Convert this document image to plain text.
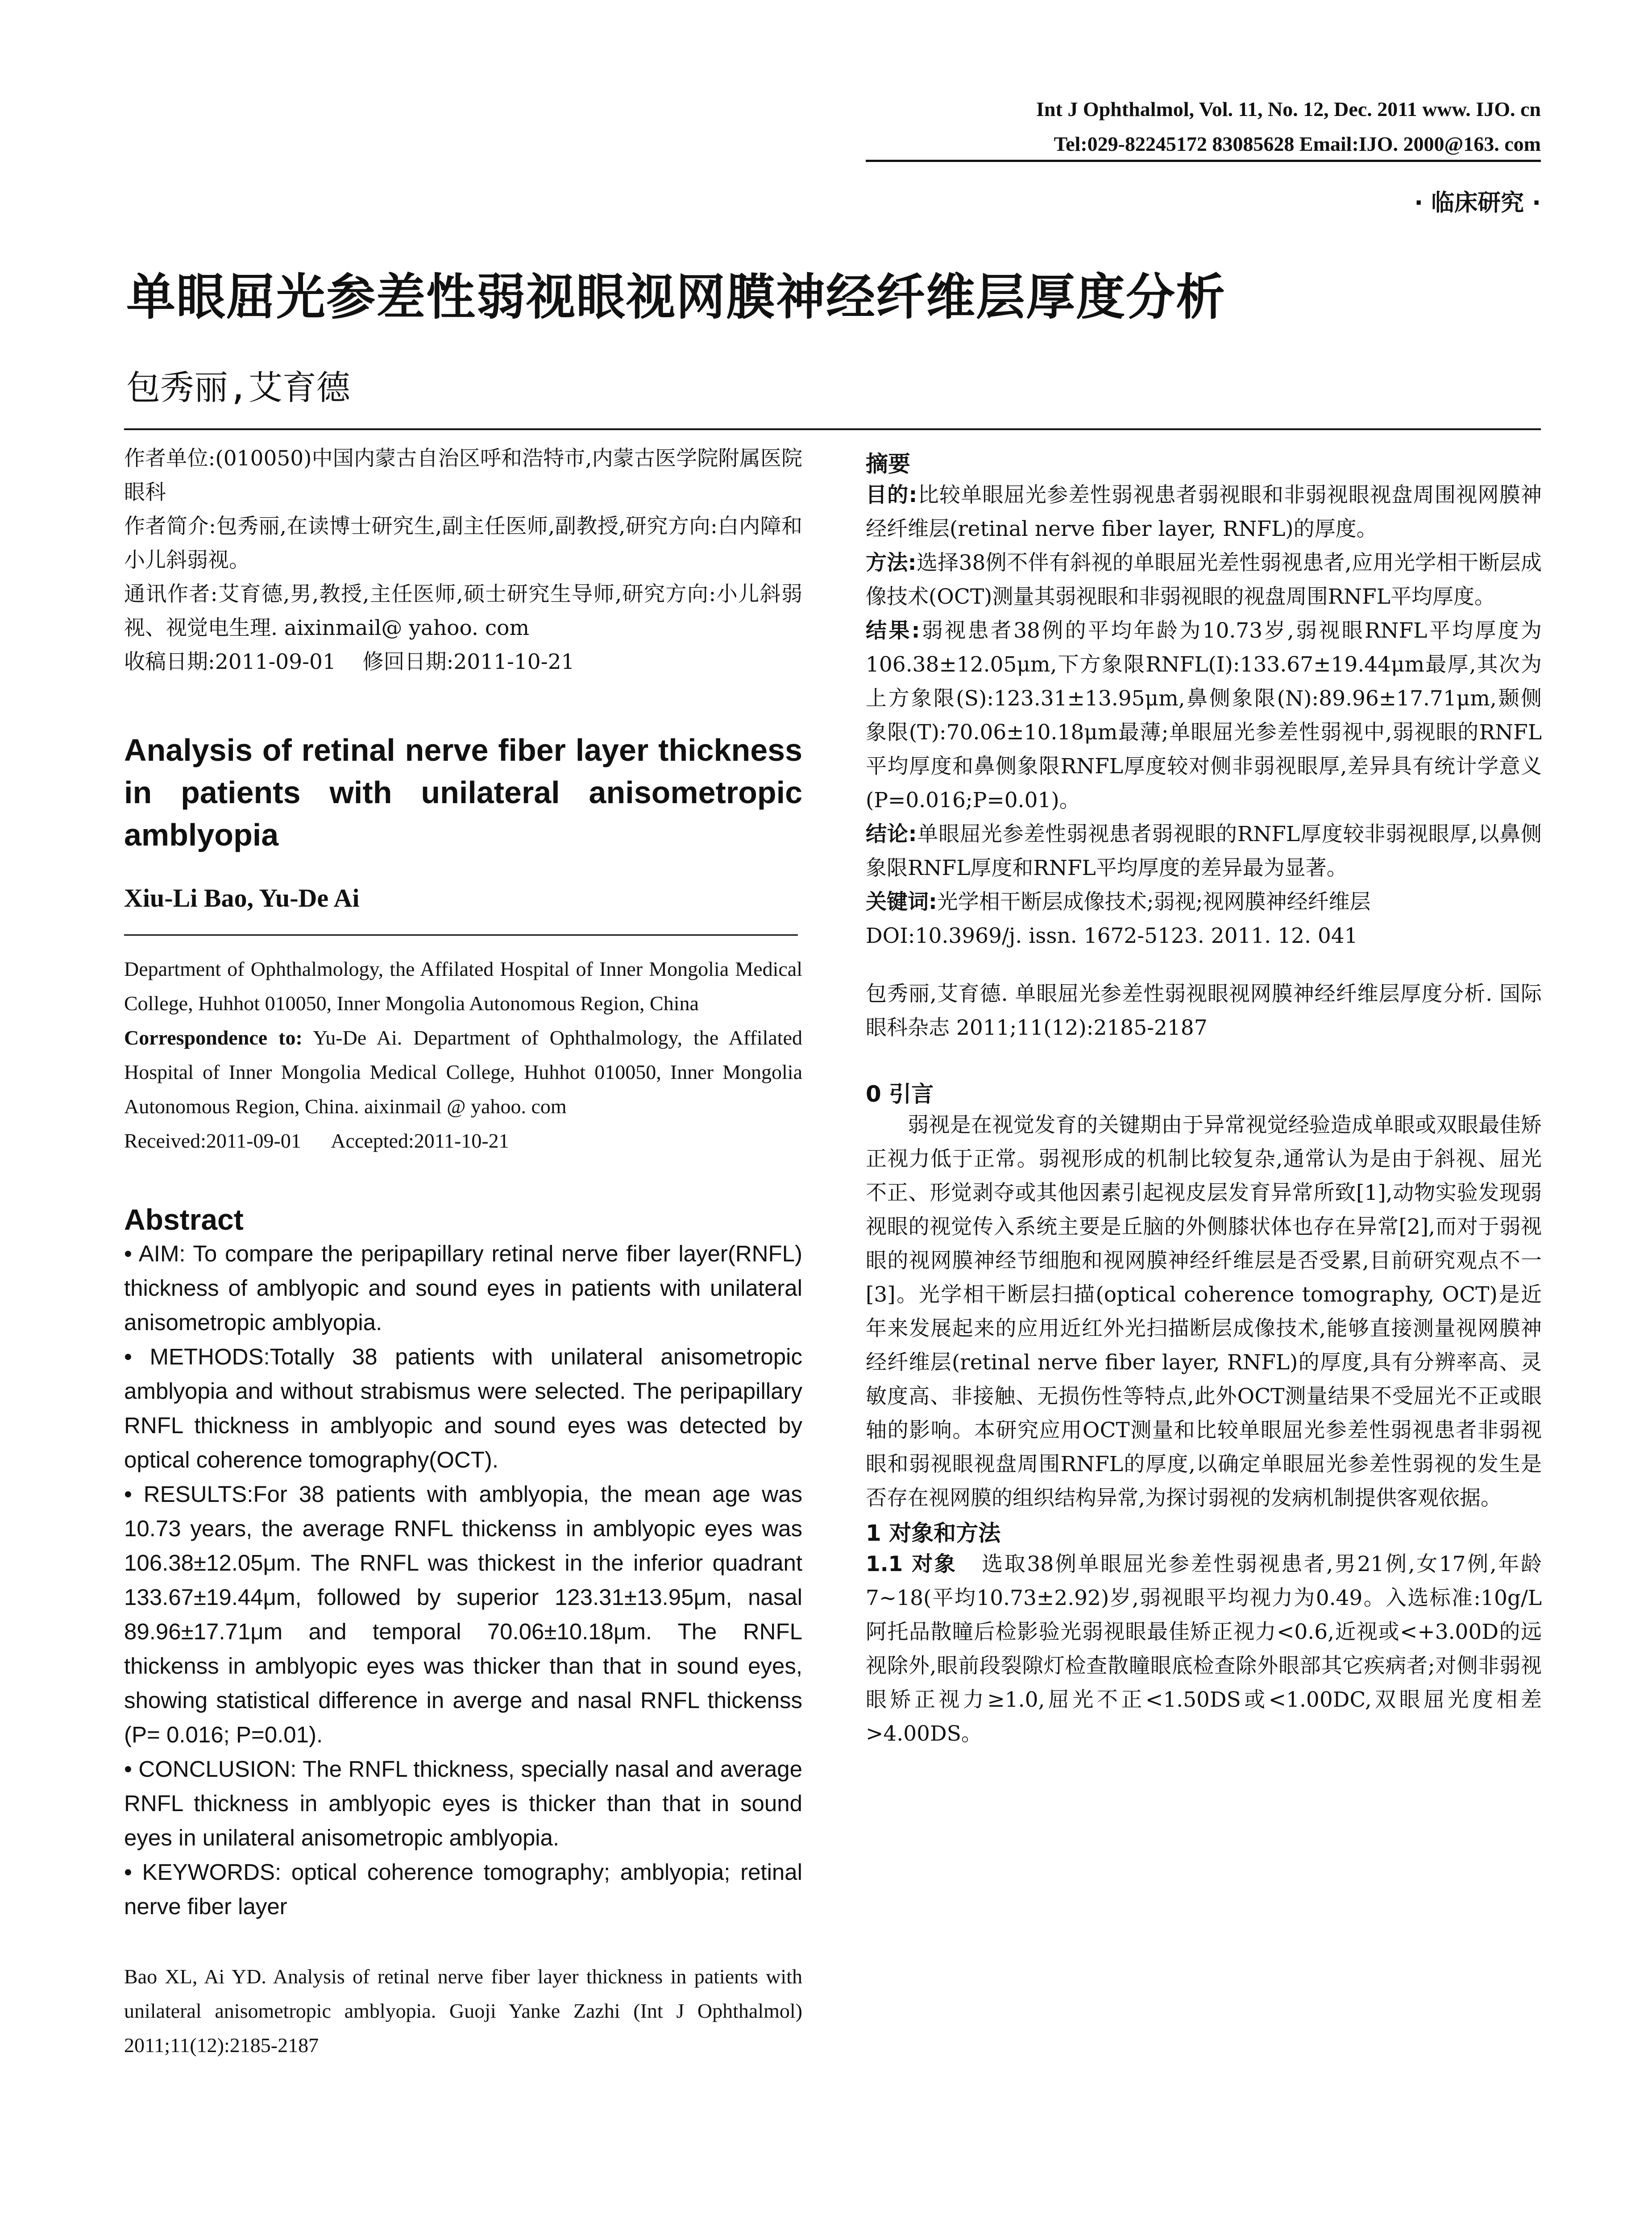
Int J Ophthalmol, Vol. 11, No. 12, Dec. 2011 www. IJO. cn
Tel:029-82245172 83085628 Email:IJO. 2000@163. com
· 临床研究 ·
单眼屈光参差性弱视眼视网膜神经纤维层厚度分析
包秀丽,艾育德

作者单位:(010050)中国内蒙古自治区呼和浩特市,内蒙古医学院附属医院眼科

作者简介:包秀丽,在读博士研究生,副主任医师,副教授,研究方向:白内障和小儿斜弱视。

通讯作者:艾育德,男,教授,主任医师,硕士研究生导师,研究方向:小儿斜弱视、视觉电生理. aixinmail@ yahoo. com

收稿日期:2011-09-01    修回日期:2011-10-21

Analysis of retinal nerve fiber layer thickness in patients with unilateral anisometropic amblyopia
Xiu-Li Bao, Yu-De Ai

Department of Ophthalmology, the Affilated Hospital of Inner Mongolia Medical College, Huhhot 010050, Inner Mongolia Autonomous Region, China

Correspondence to: Yu-De Ai. Department of Ophthalmology, the Affilated Hospital of Inner Mongolia Medical College, Huhhot 010050, Inner Mongolia Autonomous Region, China. aixinmail @ yahoo. com

Received:2011-09-01      Accepted:2011-10-21

Abstract

• AIM: To compare the peripapillary retinal nerve fiber layer(RNFL) thickness of amblyopic and sound eyes in patients with unilateral anisometropic amblyopia.

• METHODS:Totally 38 patients with unilateral anisometropic amblyopia and without strabismus were selected. The peripapillary RNFL thickness in amblyopic and sound eyes was detected by optical coherence tomography(OCT).

• RESULTS:For 38 patients with amblyopia, the mean age was 10.73 years, the average RNFL thickenss in amblyopic eyes was 106.38±12.05μm. The RNFL was thickest in the inferior quadrant 133.67±19.44μm, followed by superior 123.31±13.95μm, nasal 89.96±17.71μm and temporal 70.06±10.18μm. The RNFL thickenss in amblyopic eyes was thicker than that in sound eyes, showing statistical difference in averge and nasal RNFL thickenss (P= 0.016; P=0.01).

• CONCLUSION: The RNFL thickness, specially nasal and average RNFL thickness in amblyopic eyes is thicker than that in sound eyes in unilateral anisometropic amblyopia.

• KEYWORDS: optical coherence tomography; amblyopia; retinal nerve fiber layer

Bao XL, Ai YD. Analysis of retinal nerve fiber layer thickness in patients with unilateral anisometropic amblyopia. Guoji Yanke Zazhi (Int J Ophthalmol) 2011;11(12):2185-2187
摘要

目的:比较单眼屈光参差性弱视患者弱视眼和非弱视眼视盘周围视网膜神经纤维层(retinal nerve fiber layer, RNFL)的厚度。

方法:选择38例不伴有斜视的单眼屈光差性弱视患者,应用光学相干断层成像技术(OCT)测量其弱视眼和非弱视眼的视盘周围RNFL平均厚度。

结果:弱视患者38例的平均年龄为10.73岁,弱视眼RNFL平均厚度为106.38±12.05μm,下方象限RNFL(I):133.67±19.44μm最厚,其次为上方象限(S):123.31±13.95μm,鼻侧象限(N):89.96±17.71μm,颞侧象限(T):70.06±10.18μm最薄;单眼屈光参差性弱视中,弱视眼的RNFL平均厚度和鼻侧象限RNFL厚度较对侧非弱视眼厚,差异具有统计学意义(P=0.016;P=0.01)。

结论:单眼屈光参差性弱视患者弱视眼的RNFL厚度较非弱视眼厚,以鼻侧象限RNFL厚度和RNFL平均厚度的差异最为显著。

关键词:光学相干断层成像技术;弱视;视网膜神经纤维层

DOI:10.3969/j. issn. 1672-5123. 2011. 12. 041

包秀丽,艾育德. 单眼屈光参差性弱视眼视网膜神经纤维层厚度分析. 国际眼科杂志 2011;11(12):2185-2187
0 引言
弱视是在视觉发育的关键期由于异常视觉经验造成单眼或双眼最佳矫正视力低于正常。弱视形成的机制比较复杂,通常认为是由于斜视、屈光不正、形觉剥夺或其他因素引起视皮层发育异常所致[1],动物实验发现弱视眼的视觉传入系统主要是丘脑的外侧膝状体也存在异常[2],而对于弱视眼的视网膜神经节细胞和视网膜神经纤维层是否受累,目前研究观点不一[3]。光学相干断层扫描(optical coherence tomography, OCT)是近年来发展起来的应用近红外光扫描断层成像技术,能够直接测量视网膜神经纤维层(retinal nerve fiber layer, RNFL)的厚度,具有分辨率高、灵敏度高、非接触、无损伤性等特点,此外OCT测量结果不受屈光不正或眼轴的影响。本研究应用OCT测量和比较单眼屈光参差性弱视患者非弱视眼和弱视眼视盘周围RNFL的厚度,以确定单眼屈光参差性弱视的发生是否存在视网膜的组织结构异常,为探讨弱视的发病机制提供客观依据。
1 对象和方法
1.1 对象 选取38例单眼屈光参差性弱视患者,男21例,女17例,年龄7~18(平均10.73±2.92)岁,弱视眼平均视力为0.49。入选标准:10g/L阿托品散瞳后检影验光弱视眼最佳矫正视力<0.6,近视或<+3.00D的远视除外,眼前段裂隙灯检查散瞳眼底检查除外眼部其它疾病者;对侧非弱视眼矫正视力≥1.0,屈光不正<1.50DS或<1.00DC,双眼屈光度相差>4.00DS。
